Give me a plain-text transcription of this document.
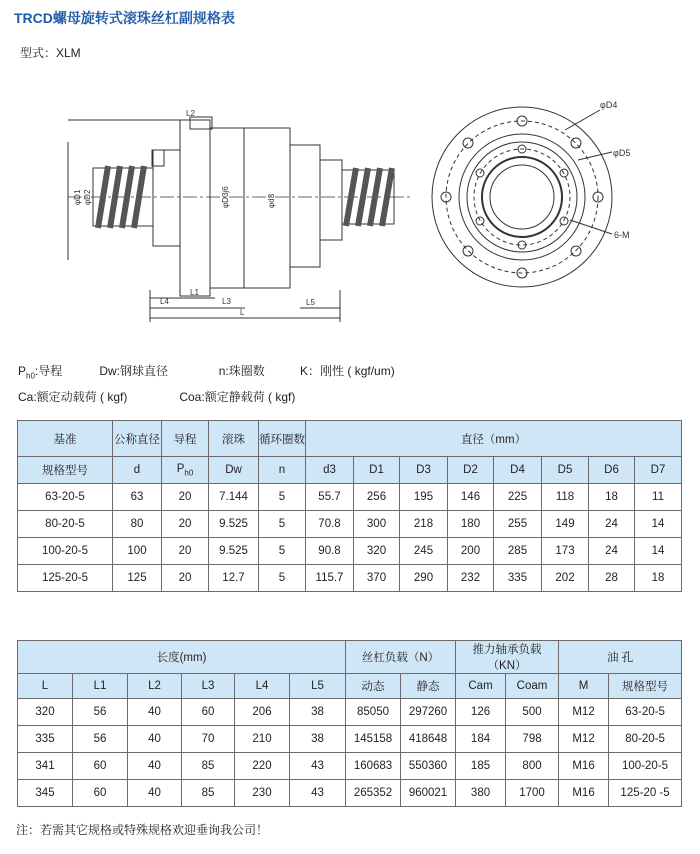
TRCD螺母旋转式滚珠丝杠副规格表
型式：XLM
φD1 φD2	φD3j6	φd3
L1
L3
L
L4	L5
L2
φD4
φD5
6-M
$P_{h0}$:导程	Dw:钢球直径	n:珠圈数	K：刚性 ( kgf/um)
Ca:额定动载荷 ( kgf)	Coa:额定静载荷 ( kgf)
基准	公称直径	导程	滚珠	循环圈数	直径（mm）							
规格型号	d	$P_{h0}$	Dw	n	d3	D1	D3	D2	D4	D5	D6	D7
63-20-5	63	20	7.144	5	55.7	256	195	146	225	118	18	11
80-20-5	80	20	9.525	5	70.8	300	218	180	255	149	24	14
100-20-5	100	20	9.525	5	90.8	320	245	200	285	173	24	14
125-20-5	125	20	12.7	5	115.7	370	290	232	335	202	28	18
长度(mm)						丝杠负载（N）		推力轴承负载（KN）		油 孔	
L	L1	L2	L3	L4	L5	动态	静态	Cam	Coam	M	规格型号
320	56	40	60	206	38	85050	297260	126	500	M12	63-20-5
335	56	40	70	210	38	145158	418648	184	798	M12	80-20-5
341	60	40	85	220	43	160683	550360	185	800	M16	100-20-5
345	60	40	85	230	43	265352	960021	380	1700	M16	125-20 -5
注：若需其它规格或特殊规格欢迎垂询我公司！
